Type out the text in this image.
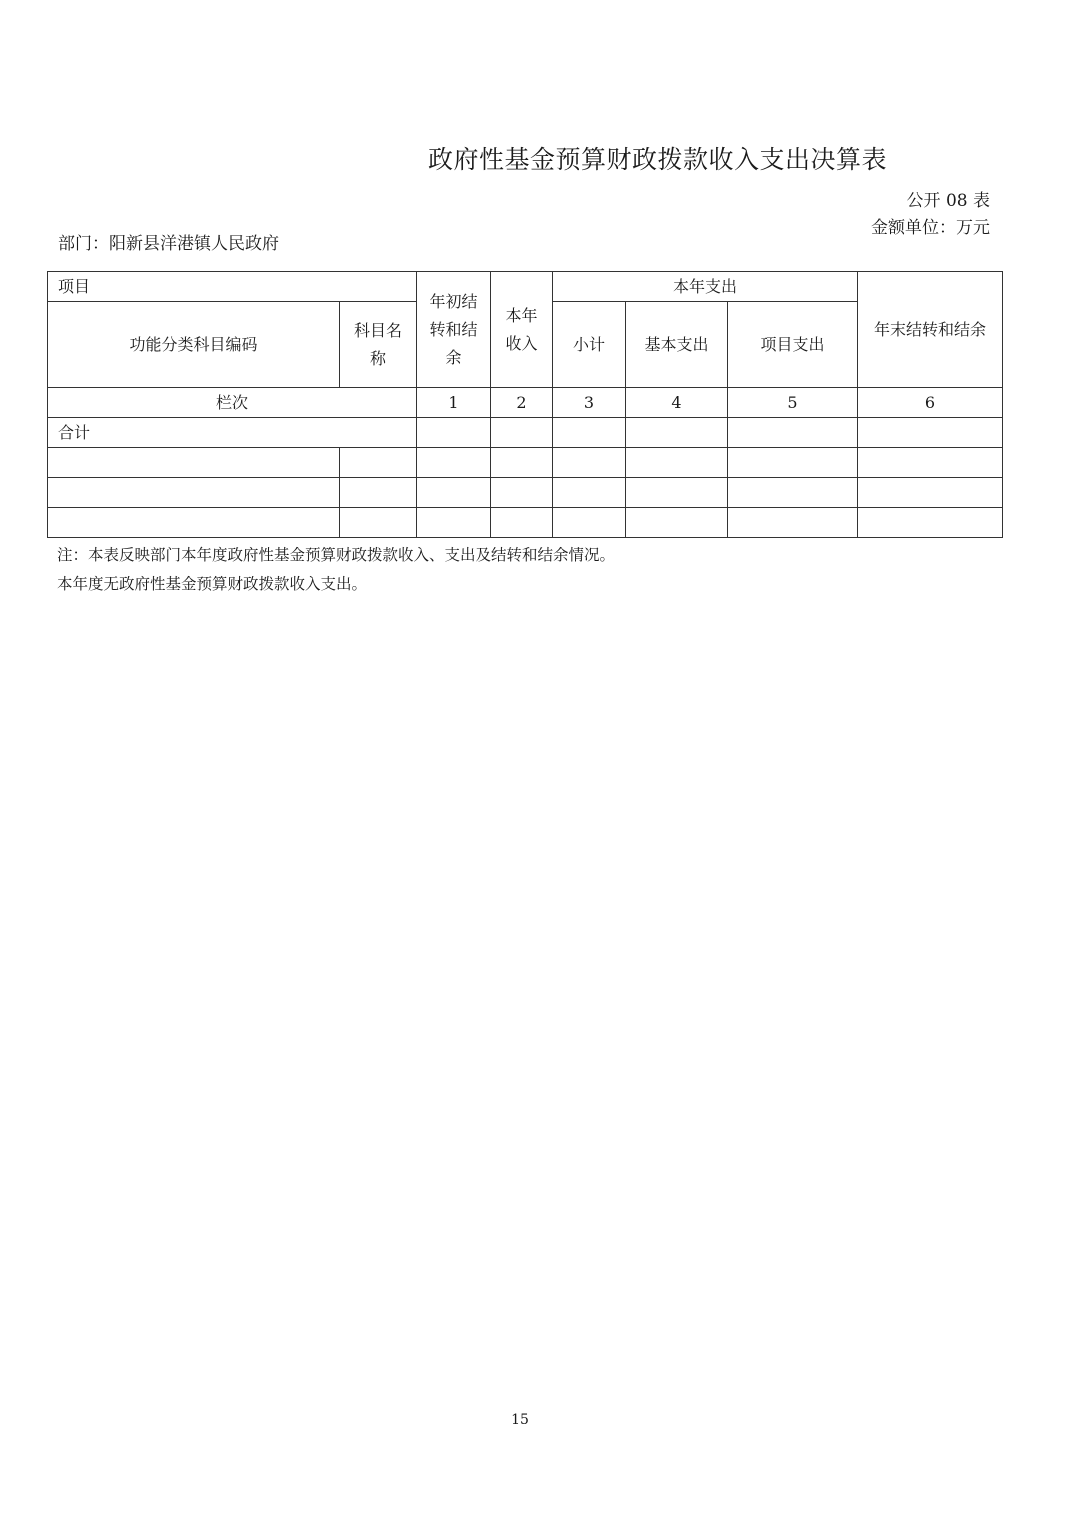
政府性基金预算财政拨款收入支出决算表
公开 08 表
金额单位：万元
部门：阳新县洋港镇人民政府
项目		年初结转和结余	本年收入	本年支出			年末结转和结余
功能分类科目编码	科目名称			小计	基本支出	项目支出	
栏次		1	2	3	4	5	6
合计							

注：本表反映部门本年度政府性基金预算财政拨款收入、支出及结转和结余情况。
本年度无政府性基金预算财政拨款收入支出。
15
